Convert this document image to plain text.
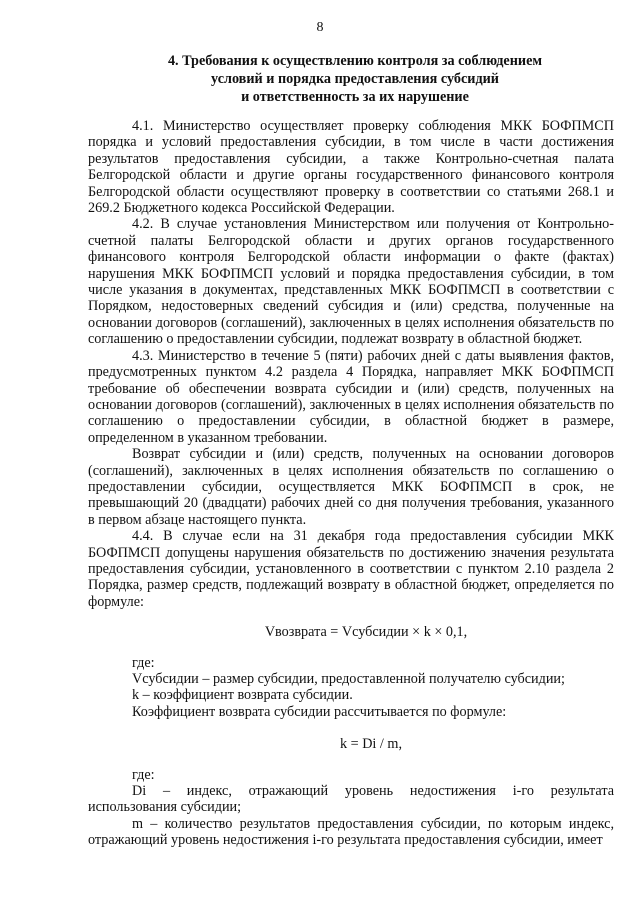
8
4. Требования к осуществлению контроля за соблюдением
условий и порядка предоставления субсидий
и ответственность за их нарушение

4.1. Министерство осуществляет проверку соблюдения МКК БОФПМСП порядка и условий предоставления субсидии, в том числе в части достижения результатов предоставления субсидии, а также Контрольно-счетная палата Белгородской области и другие органы государственного финансового контроля Белгородской области осуществляют проверку в соответствии со статьями 268.1 и 269.2 Бюджетного кодекса Российской Федерации.

4.2. В случае установления Министерством или получения от Контрольно-счетной палаты Белгородской области и других органов государственного финансового контроля Белгородской области информации о факте (фактах) нарушения МКК БОФПМСП условий и порядка предоставления субсидии, в том числе указания в документах, представленных МКК БОФПМСП в соответствии с Порядком, недостоверных сведений субсидия и (или) средства, полученные на основании договоров (соглашений), заключенных в целях исполнения обязательств по соглашению о предоставлении субсидии, подлежат возврату в областной бюджет.

4.3. Министерство в течение 5 (пяти) рабочих дней с даты выявления фактов, предусмотренных пунктом 4.2 раздела 4 Порядка, направляет МКК БОФПМСП требование об обеспечении возврата субсидии и (или) средств, полученных на основании договоров (соглашений), заключенных в целях исполнения обязательств по соглашению о предоставлении субсидии, в областной бюджет в размере, определенном в указанном требовании.

Возврат субсидии и (или) средств, полученных на основании договоров (соглашений), заключенных в целях исполнения обязательств по соглашению о предоставлении субсидии, осуществляется МКК БОФПМСП в срок, не превышающий 20 (двадцати) рабочих дней со дня получения требования, указанного в первом абзаце настоящего пункта.

4.4. В случае если на 31 декабря года предоставления субсидии МКК БОФПМСП допущены нарушения обязательств по достижению значения результата предоставления субсидии, установленного в соответствии с пунктом 2.10 раздела 2 Порядка, размер средств, подлежащий возврату в областной бюджет, определяется по формуле:

Vвозврата = Vсубсидии × k × 0,1,

где:

Vсубсидии – размер субсидии, предоставленной получателю субсидии;

k – коэффициент возврата субсидии.

Коэффициент возврата субсидии рассчитывается по формуле:

k = Di / m,

где:

Di – индекс, отражающий уровень недостижения i-го результата использования субсидии;

m – количество результатов предоставления субсидии, по которым индекс, отражающий уровень недостижения i-го результата предоставления субсидии, имеет
